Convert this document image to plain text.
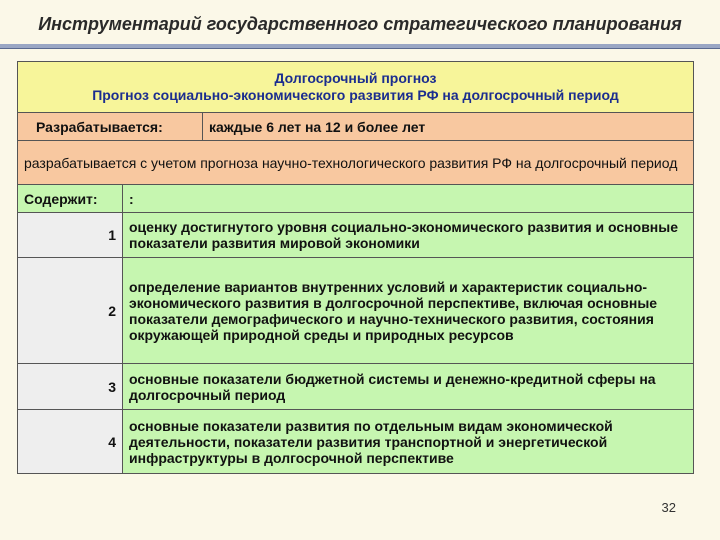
Инструментарий государственного стратегического планирования
Долгосрочный прогноз
Прогноз социально-экономического развития РФ на долгосрочный период		

Разрабатывается:		каждые 6 лет на 12 и более лет
разрабатывается с учетом прогноза научно-технологического развития РФ на долгосрочный период		
Содержит:	:	
1	оценку достигнутого уровня социально-экономического развития и основные показатели развития мировой экономики	
2	определение вариантов внутренних условий и характеристик социально-экономического развития в долгосрочной перспективе, включая основные показатели демографического и научно-технического развития, состояния окружающей природной среды и природных ресурсов	
3	основные показатели бюджетной системы и денежно-кредитной сферы на долгосрочный период	
4	основные показатели развития по отдельным видам экономической деятельности, показатели развития транспортной и энергетической инфраструктуры в долгосрочной перспективе	
32
